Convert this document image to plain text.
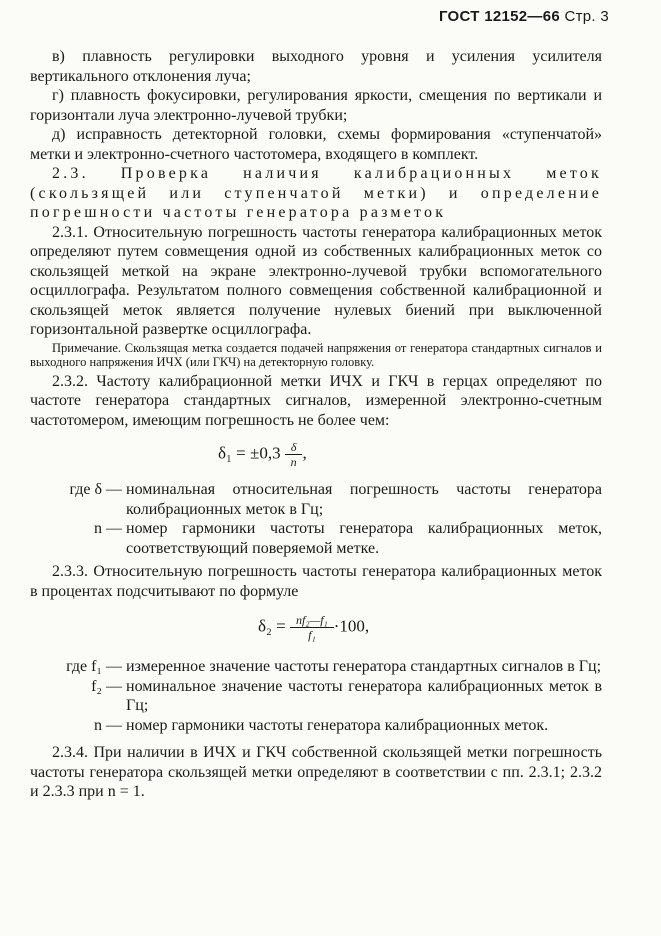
ГОСТ 12152—66 Стр. 3

в) плавность регулировки выходного уровня и усиления усилителя вертикального отклонения луча;

г) плавность фокусировки, регулирования яркости, смещения по вертикали и горизонтали луча электронно-лучевой трубки;

д) исправность детекторной головки, схемы формирования «ступенчатой» метки и электронно-счетного частотомера, входящего в комплект.

2.3. Проверка наличия калибрационных меток (скользящей или ступенчатой метки) и определение погрешности частоты генератора разметок

2.3.1. Относительную погрешность частоты генератора калибрационных меток определяют путем совмещения одной из собственных калибрационных меток со скользящей меткой на экране электронно-лучевой трубки вспомогательного осциллографа. Результатом полного совмещения собственной калибрационной и скользящей меток является получение нулевых биений при выключенной горизонтальной развертке осциллографа.

Примечание. Скользящая метка создается подачей напряжения от генератора стандартных сигналов и выходного напряжения ИЧХ (или ГКЧ) на детекторную головку.

2.3.2. Частоту калибрационной метки ИЧХ и ГКЧ в герцах определяют по частоте генератора стандартных сигналов, измеренной электронно-счетным частотомером, имеющим погрешность не более чем:

$\delta_1 = \pm 0,3 \frac{\delta}{n}$ ,
где δ — номинальная относительная погрешность частоты генератора колибрационных меток в Гц;
n — номер гармоники частоты генератора калибрационных меток, соответствующий поверяемой метке.

2.3.3. Относительную погрешность частоты генератора калибрационных меток в процентах подсчитывают по формуле

$\delta_2 = \frac{\text{nf₂—f₁}}{\text{f₁}} \cdot 100$,
где f₁ — измеренное значение частоты генератора стандартных сигналов в Гц;
f₂ — номинальное значение частоты генератора калибрационных меток в Гц;
n — номер гармоники частоты генератора калибрационных меток.

2.3.4. При наличии в ИЧХ и ГКЧ собственной скользящей метки погрешность частоты генератора скользящей метки определяют в соответствии с пп. 2.3.1; 2.3.2 и 2.3.3 при n = 1.
